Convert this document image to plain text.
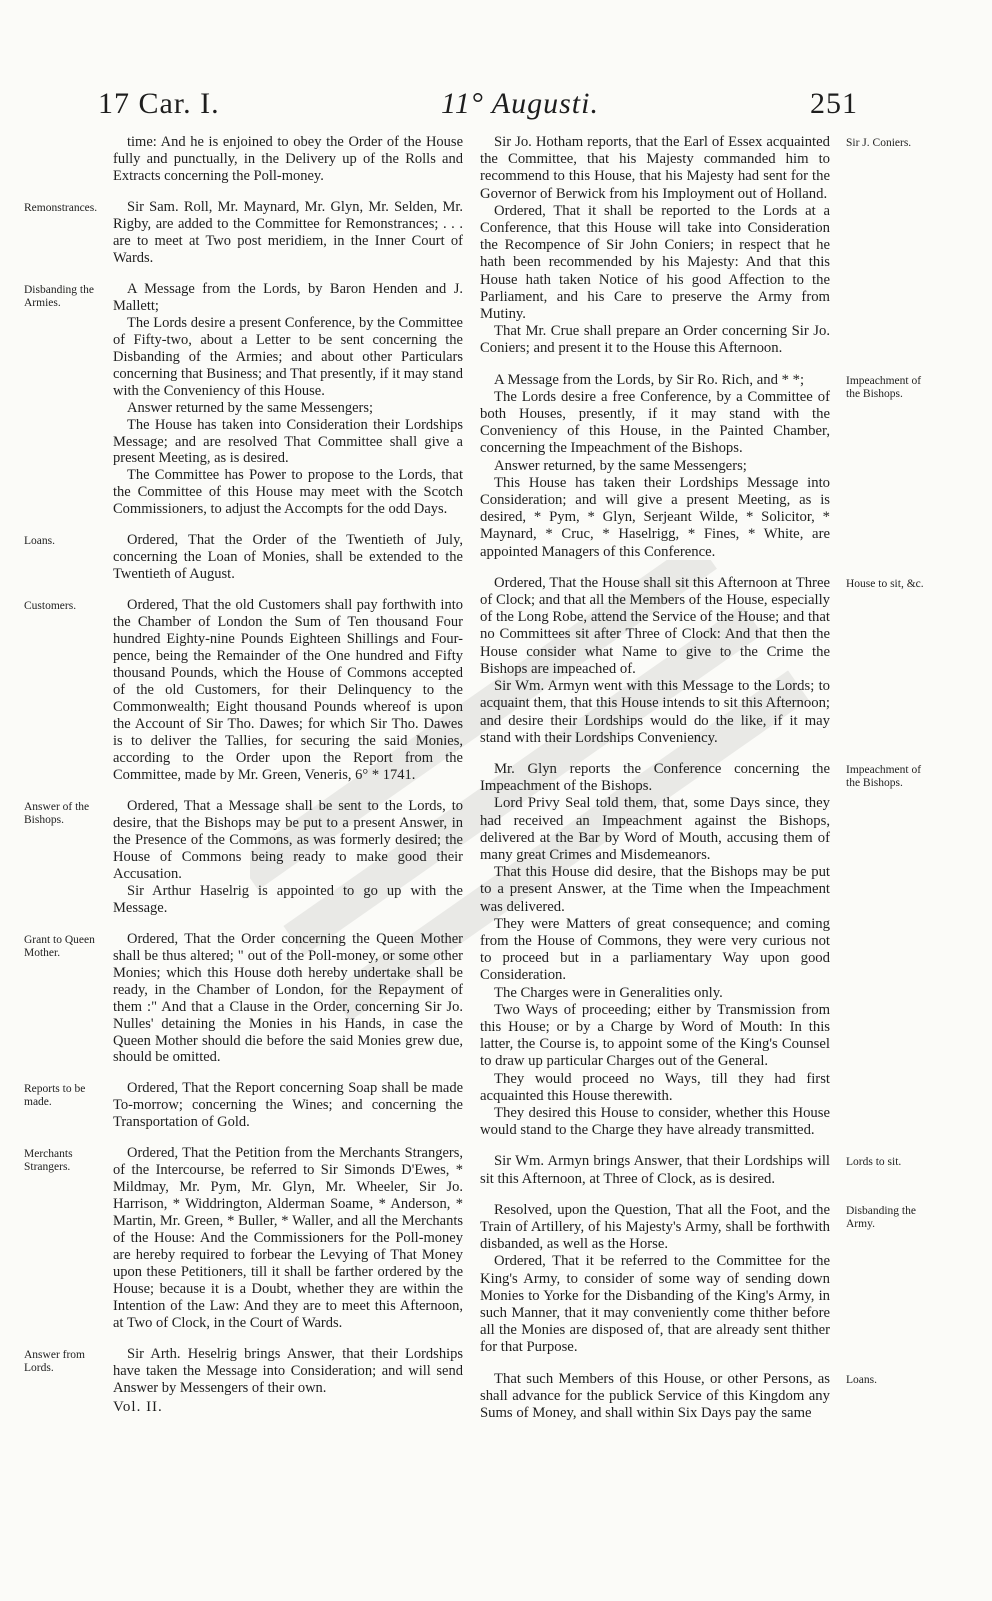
17 Car. I.	11° Augusti.	251

time: And he is enjoined to obey the Order of the House fully and punctually, in the Delivery up of the Rolls and Extracts concerning the Poll-money.

Sir Sam. Roll, Mr. Maynard, Mr. Glyn, Mr. Selden, Mr. Rigby, are added to the Committee for Remonstrances; . . . are to meet at Two post meridiem, in the Inner Court of Wards.

A Message from the Lords, by Baron Henden and J. Mallett;

The Lords desire a present Conference, by the Committee of Fifty-two, about a Letter to be sent concerning the Disbanding of the Armies; and about other Particulars concerning that Business; and That presently, if it may stand with the Conveniency of this House.

Answer returned by the same Messengers;

The House has taken into Consideration their Lordships Message; and are resolved That Committee shall give a present Meeting, as is desired.

The Committee has Power to propose to the Lords, that the Committee of this House may meet with the Scotch Commissioners, to adjust the Accompts for the odd Days.

Ordered, That the Order of the Twentieth of July, concerning the Loan of Monies, shall be extended to the Twentieth of August.

Ordered, That the old Customers shall pay forthwith into the Chamber of London the Sum of Ten thousand Four hundred Eighty-nine Pounds Eighteen Shillings and Four-pence, being the Remainder of the One hundred and Fifty thousand Pounds, which the House of Commons accepted of the old Customers, for their Delinquency to the Commonwealth; Eight thousand Pounds whereof is upon the Account of Sir Tho. Dawes; for which Sir Tho. Dawes is to deliver the Tallies, for securing the said Monies, according to the Order upon the Report from the Committee, made by Mr. Green, Veneris, 6° * 1741.

Ordered, That a Message shall be sent to the Lords, to desire, that the Bishops may be put to a present Answer, in the Presence of the Commons, as was formerly desired; the House of Commons being ready to make good their Accusation.

Sir Arthur Haselrig is appointed to go up with the Message.

Ordered, That the Order concerning the Queen Mother shall be thus altered; " out of the Poll-money, or some other Monies; which this House doth hereby undertake shall be ready, in the Chamber of London, for the Repayment of them :" And that a Clause in the Order, concerning Sir Jo. Nulles' detaining the Monies in his Hands, in case the Queen Mother should die before the said Monies grew due, should be omitted.

Ordered, That the Report concerning Soap shall be made To-morrow; concerning the Wines; and concerning the Transportation of Gold.

Ordered, That the Petition from the Merchants Strangers, of the Intercourse, be referred to Sir Simonds D'Ewes, * Mildmay, Mr. Pym, Mr. Glyn, Mr. Wheeler, Sir Jo. Harrison, * Widdrington, Alderman Soame, * Anderson, * Martin, Mr. Green, * Buller, * Waller, and all the Merchants of the House: And the Commissioners for the Poll-money are hereby required to forbear the Levying of That Money upon these Petitioners, till it shall be farther ordered by the House; because it is a Doubt, whether they are within the Intention of the Law: And they are to meet this Afternoon, at Two of Clock, in the Court of Wards.

Sir Arth. Heselrig brings Answer, that their Lordships have taken the Message into Consideration; and will send Answer by Messengers of their own.

Sir Jo. Hotham reports, that the Earl of Essex acquainted the Committee, that his Majesty commanded him to recommend to this House, that his Majesty had sent for the Governor of Berwick from his Imployment out of Holland.

Ordered, That it shall be reported to the Lords at a Conference, that this House will take into Consideration the Recompence of Sir John Coniers; in respect that he hath been recommended by his Majesty: And that this House hath taken Notice of his good Affection to the Parliament, and his Care to preserve the Army from Mutiny.

That Mr. Crue shall prepare an Order concerning Sir Jo. Coniers; and present it to the House this Afternoon.

A Message from the Lords, by Sir Ro. Rich, and * *;

The Lords desire a free Conference, by a Committee of both Houses, presently, if it may stand with the Conveniency of this House, in the Painted Chamber, concerning the Impeachment of the Bishops.

Answer returned, by the same Messengers;

This House has taken their Lordships Message into Consideration; and will give a present Meeting, as is desired, * Pym, * Glyn, Serjeant Wilde, * Solicitor, * Maynard, * Cruc, * Haselrigg, * Fines, * White, are appointed Managers of this Conference.

Ordered, That the House shall sit this Afternoon at Three of Clock; and that all the Members of the House, especially of the Long Robe, attend the Service of the House; and that no Committees sit after Three of Clock: And that then the House consider what Name to give to the Crime the Bishops are impeached of.

Sir Wm. Armyn went with this Message to the Lords; to acquaint them, that this House intends to sit this Afternoon; and desire their Lordships would do the like, if it may stand with their Lordships Conveniency.

Mr. Glyn reports the Conference concerning the Impeachment of the Bishops.

Lord Privy Seal told them, that, some Days since, they had received an Impeachment against the Bishops, delivered at the Bar by Word of Mouth, accusing them of many great Crimes and Misdemeanors.

That this House did desire, that the Bishops may be put to a present Answer, at the Time when the Impeachment was delivered.

They were Matters of great consequence; and coming from the House of Commons, they were very curious not to proceed but in a parliamentary Way upon good Consideration.

The Charges were in Generalities only.

Two Ways of proceeding; either by Transmission from this House; or by a Charge by Word of Mouth: In this latter, the Course is, to appoint some of the King's Counsel to draw up particular Charges out of the General.

They would proceed no Ways, till they had first acquainted this House therewith.

They desired this House to consider, whether this House would stand to the Charge they have already transmitted.

Sir Wm. Armyn brings Answer, that their Lordships will sit this Afternoon, at Three of Clock, as is desired.

Resolved, upon the Question, That all the Foot, and the Train of Artillery, of his Majesty's Army, shall be forthwith disbanded, as well as the Horse.

Ordered, That it be referred to the Committee for the King's Army, to consider of some way of sending down Monies to Yorke for the Disbanding of the King's Army, in such Manner, that it may conveniently come thither before all the Monies are disposed of, that are already sent thither for that Purpose.

That such Members of this House, or other Persons, as shall advance for the publick Service of this Kingdom any Sums of Money, and shall within Six Days pay the same

Remonstrances.
Disbanding the Armies.
Loans.
Customers.
Answer of the Bishops.
Grant to Queen Mother.
Reports to be made.
Merchants Strangers.
Answer from Lords.
Sir J. Coniers.
Impeachment of the Bishops.
House to sit, &c.
Impeachment of the Bishops.
Lords to sit.
Disbanding the Army.
Loans.
Vol. II.
